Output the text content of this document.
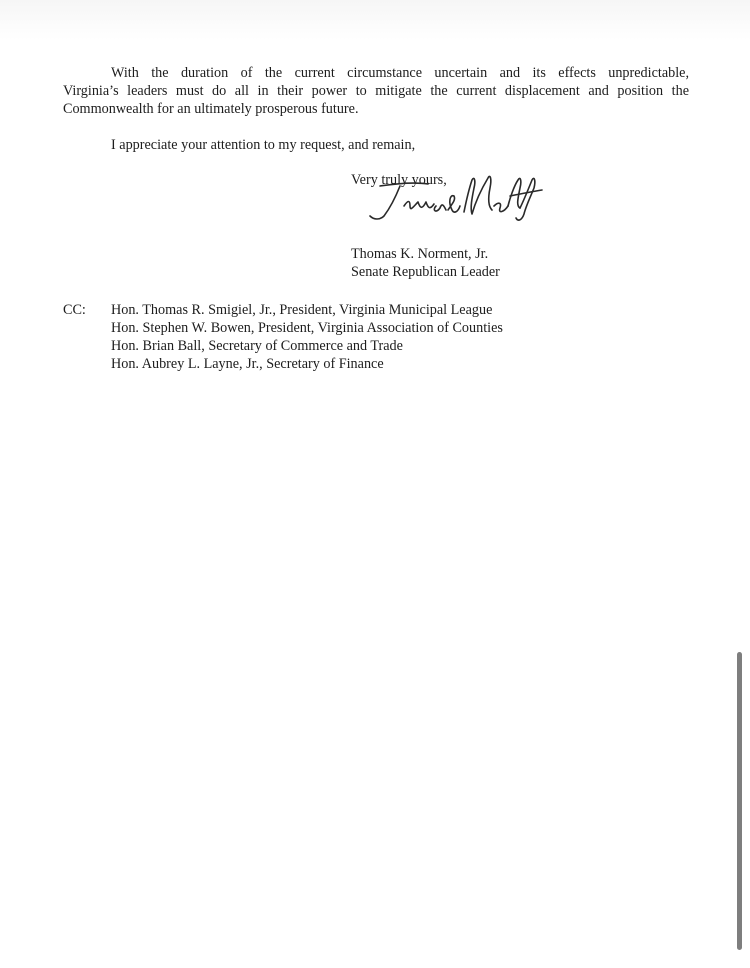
With the duration of the current circumstance uncertain and its effects unpredictable,
Virginia’s leaders must do all in their power to mitigate the current displacement and position the
Commonwealth for an ultimately prosperous future.
I appreciate your attention to my request, and remain,
Very truly yours,
Thomas K. Norment, Jr.
Senate Republican Leader
CC: Hon. Thomas R. Smigiel, Jr., President, Virginia Municipal League
Hon. Stephen W. Bowen, President, Virginia Association of Counties
Hon. Brian Ball, Secretary of Commerce and Trade
Hon. Aubrey L. Layne, Jr., Secretary of Finance
